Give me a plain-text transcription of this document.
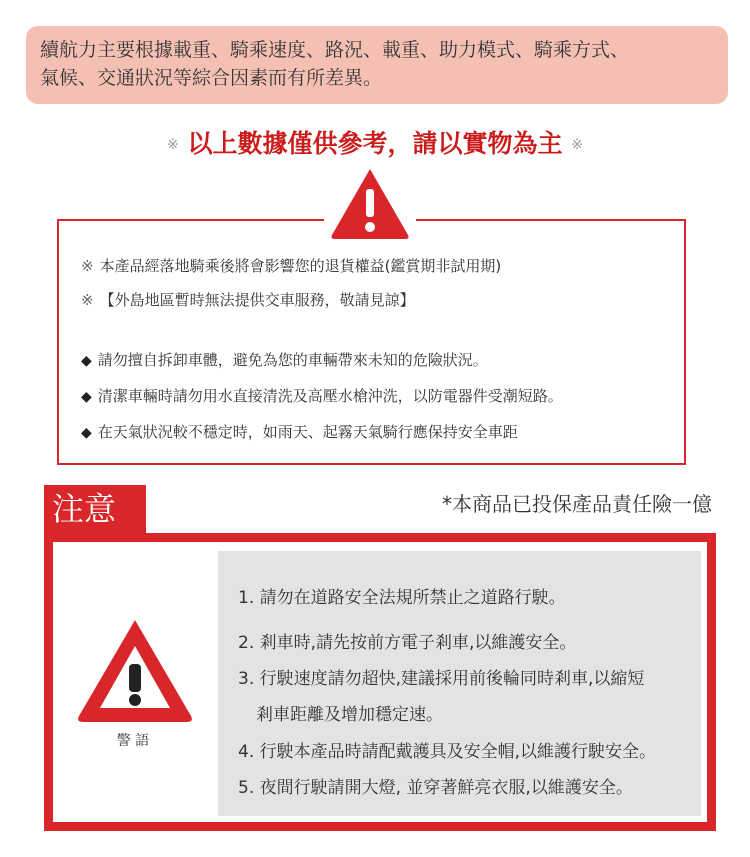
續航力主要根據載重、騎乘速度、路況、載重、助力模式、騎乘方式、
氣候、交通狀況等綜合因素而有所差異。
※ 以上數據僅供參考，請以實物為主 ※
※ 本產品經落地騎乘後將會影響您的退貨權益(鑑賞期非試用期)
※ 【外島地區暫時無法提供交車服務，敬請見諒】
◆ 請勿擅自拆卸車體，避免為您的車輛帶來未知的危險狀況。
◆ 清潔車輛時請勿用水直接清洗及高壓水槍沖洗，以防電器件受潮短路。
◆ 在天氣狀況較不穩定時，如雨天、起霧天氣騎行應保持安全車距
注意	*本商品已投保產品責任險一億
警 語
1. 請勿在道路安全法規所禁止之道路行駛。
2. 剎車時,請先按前方電子剎車,以維護安全。
3. 行駛速度請勿超快,建議採用前後輪同時剎車,以縮短
剎車距離及增加穩定速。
4. 行駛本產品時請配戴護具及安全帽,以維護行駛安全。
5. 夜間行駛請開大燈, 並穿著鮮亮衣服,以維護安全。
